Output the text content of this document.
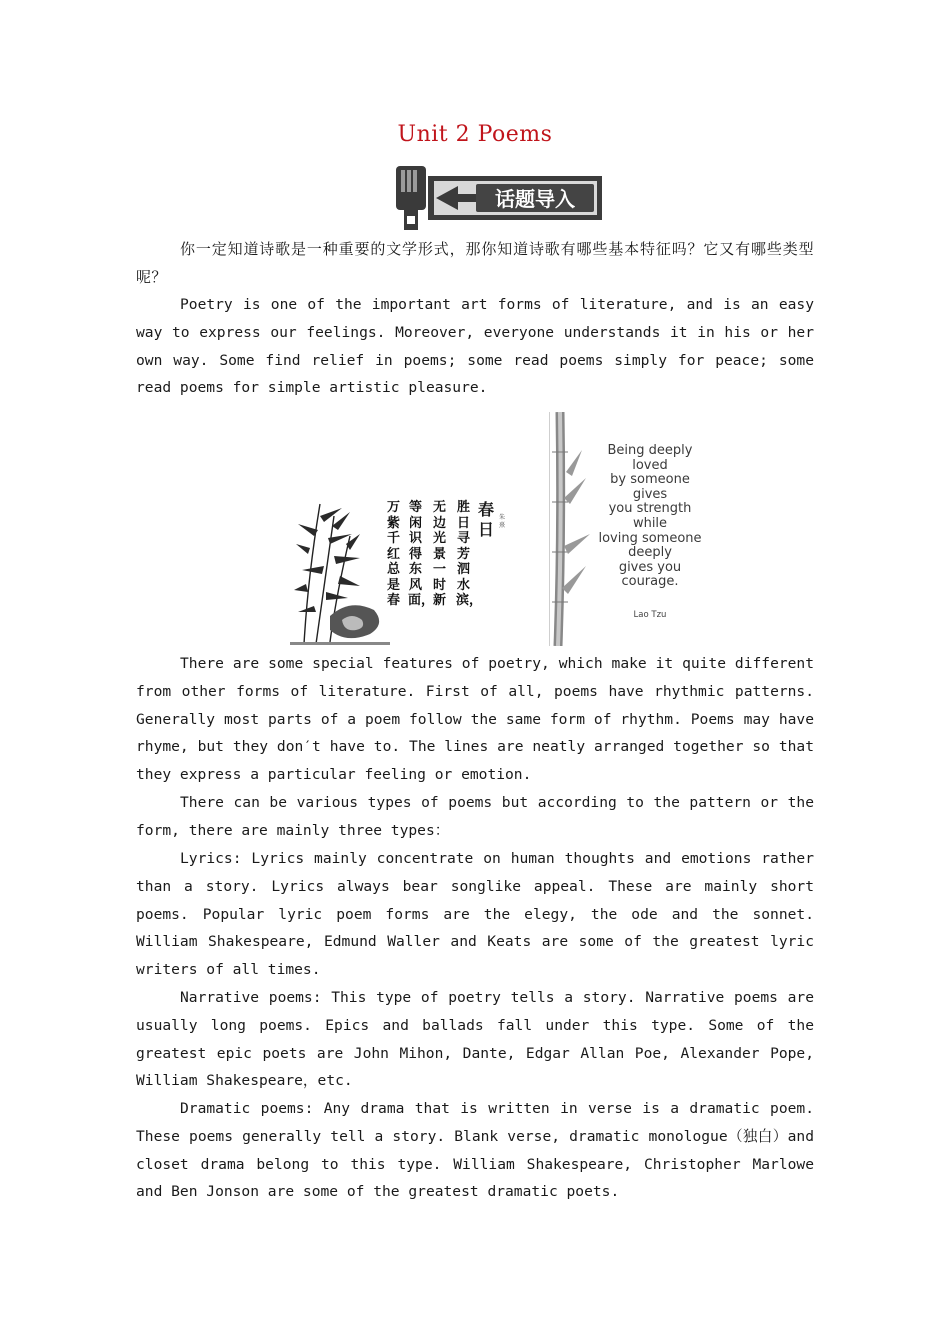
Unit 2 Poems
话题导入

你一定知道诗歌是一种重要的文学形式，那你知道诗歌有哪些基本特征吗？它又有哪些类型呢？

Poetry is one of the important art forms of literature, and is an easy way to express our feelings. Moreover, everyone understands it in his or her own way. Some find relief in poems; some read poems simply for peace; some read poems for simple artistic pleasure.

春日
朱熹
胜日寻芳泗水滨，
无边光景一时新
等闲识得东风面，
万紫千红总是春
Being deeply
loved
by someone
gives
you strength
while
loving someone
deeply
gives you
courage.
Lao Tzu

There are some special features of poetry, which make it quite different from other forms of literature. First of all, poems have rhythmic patterns. Generally most parts of a poem follow the same form of rhythm. Poems may have rhyme, but they don′t have to. The lines are neatly arranged together so that they express a particular feeling or emotion.

There can be various types of poems but according to the pattern or the form, there are mainly three types：

Lyrics: Lyrics mainly concentrate on human thoughts and emotions rather than a story. Lyrics always bear songlike appeal. These are mainly short poems. Popular lyric poem forms are the elegy, the ode and the sonnet. William Shakespeare, Edmund Waller and Keats are some of the greatest lyric writers of all times.

Narrative poems: This type of poetry tells a story. Narrative poems are usually long poems. Epics and ballads fall under this type. Some of the greatest epic poets are John Mihon, Dante, Edgar Allan Poe, Alexander Pope, William Shakespeare，etc.

Dramatic poems: Any drama that is written in verse is a dramatic poem. These poems generally tell a story. Blank verse, dramatic monologue（独白）and closet drama belong to this type. William Shakespeare, Christopher Marlowe and Ben Jonson are some of the greatest dramatic poets.
